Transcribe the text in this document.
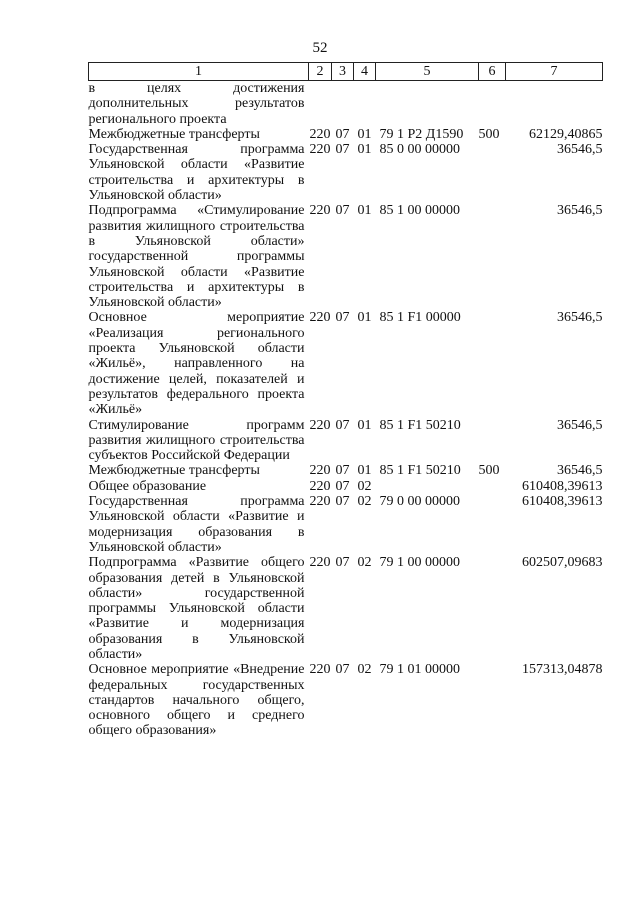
52
1	2	3	4	5	6	7
в целях достижения дополнительных результатов регионального проекта						
Межбюджетные трансферты	220	07	01	79 1 Р2 Д1590	500	62129,40865
Государственная программа Ульяновской области «Развитие строительства и архитектуры в Ульяновской области»	220	07	01	85 0 00 00000		36546,5
Подпрограмма «Стимулирование развития жилищного строительства в Ульяновской области» государственной программы Ульяновской области «Развитие строительства и архитектуры в Ульяновской области»	220	07	01	85 1 00 00000		36546,5
Основное мероприятие «Реализация регионального проекта Ульяновской области «Жильё», направленного на достижение целей, показателей и результатов федерального проекта «Жильё»	220	07	01	85 1 F1 00000		36546,5
Стимулирование программ развития жилищного строительства субъектов Российской Федерации	220	07	01	85 1 F1 50210		36546,5
Межбюджетные трансферты	220	07	01	85 1 F1 50210	500	36546,5
Общее образование	220	07	02			610408,39613
Государственная программа Ульяновской области «Развитие и модернизация образования в Ульяновской области»	220	07	02	79 0 00 00000		610408,39613
Подпрограмма «Развитие общего образования детей в Ульяновской области» государственной программы Ульяновской области «Развитие и модернизация образования в Ульяновской области»	220	07	02	79 1 00 00000		602507,09683
Основное мероприятие «Внедрение федеральных государственных стандартов начального общего, основного общего и среднего общего образования»	220	07	02	79 1 01 00000		157313,04878
